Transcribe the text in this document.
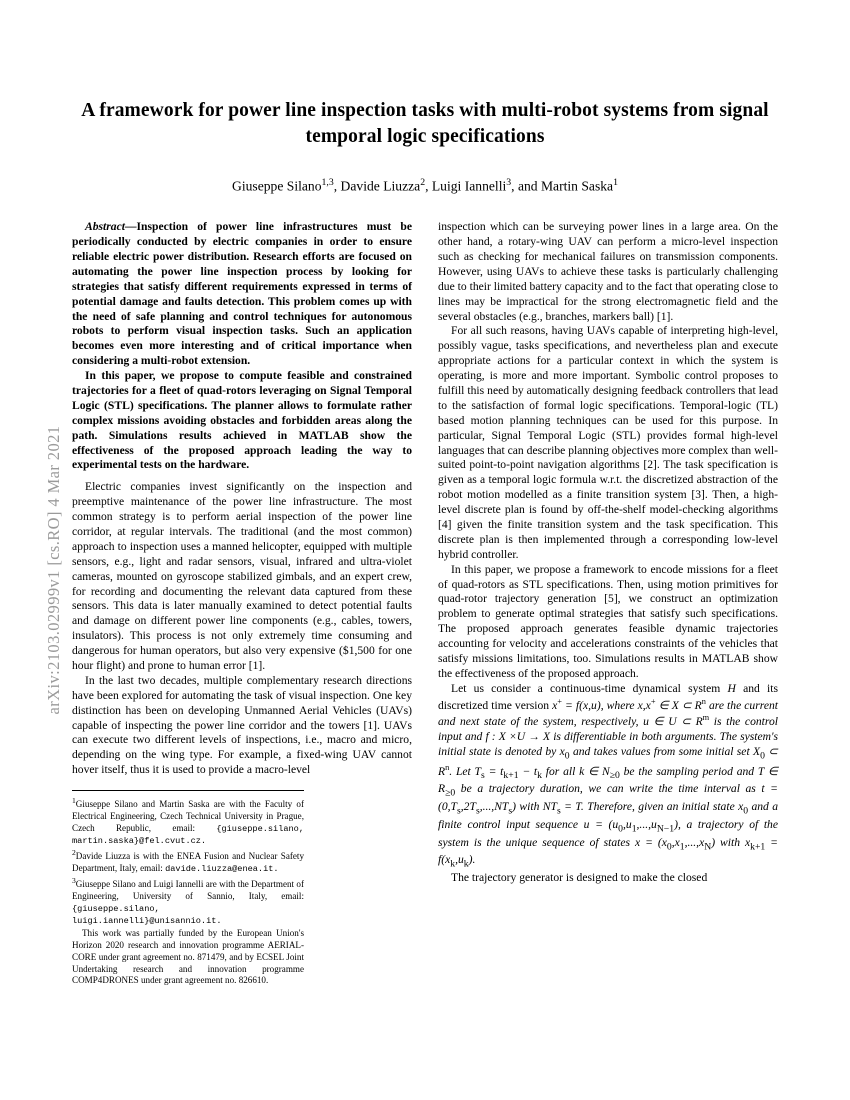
arXiv:2103.02999v1 [cs.RO] 4 Mar 2021
A framework for power line inspection tasks with multi-robot systems from signal temporal logic specifications
Giuseppe Silano$^{1,3}$, Davide Liuzza$^2$, Luigi Iannelli$^3$, and Martin Saska$^1$

Abstract—Inspection of power line infrastructures must be periodically conducted by electric companies in order to ensure reliable electric power distribution. Research efforts are focused on automating the power line inspection process by looking for strategies that satisfy different requirements expressed in terms of potential damage and faults detection. This problem comes up with the need of safe planning and control techniques for autonomous robots to perform visual inspection tasks. Such an application becomes even more interesting and of critical importance when considering a multi-robot extension.

In this paper, we propose to compute feasible and constrained trajectories for a fleet of quad-rotors leveraging on Signal Temporal Logic (STL) specifications. The planner allows to formulate rather complex missions avoiding obstacles and forbidden areas along the path. Simulations results achieved in MATLAB show the effectiveness of the proposed approach leading the way to experimental tests on the hardware.

Electric companies invest significantly on the inspection and preemptive maintenance of the power line infrastructure. The most common strategy is to perform aerial inspection of the power line corridor, at regular intervals. The traditional (and the most common) approach to inspection uses a manned helicopter, equipped with multiple sensors, e.g., light and radar sensors, visual, infrared and ultra-violet cameras, mounted on gyroscope stabilized gimbals, and an expert crew, for recording and documenting the relevant data captured from these sensors. This data is later manually examined to detect potential faults and damage on different power line components (e.g., cables, towers, insulators). This process is not only extremely time consuming and dangerous for human operators, but also very expensive ($1,500 for one hour flight) and prone to human error [1].

In the last two decades, multiple complementary research directions have been explored for automating the task of visual inspection. One key distinction has been on developing Unmanned Aerial Vehicles (UAVs) capable of inspecting the power line corridor and the towers [1]. UAVs can execute two different levels of inspections, i.e., macro and micro, depending on the wing type. For example, a fixed-wing UAV cannot hover itself, thus it is used to provide a macro-level

$^1$Giuseppe Silano and Martin Saska are with the Faculty of Electrical Engineering, Czech Technical University in Prague, Czech Republic, email: {giuseppe.silano, martin.saska}@fel.cvut.cz.

$^2$Davide Liuzza is with the ENEA Fusion and Nuclear Safety Department, Italy, email: davide.liuzza@enea.it.

$^3$Giuseppe Silano and Luigi Iannelli are with the Department of Engineering, University of Sannio, Italy, email: {giuseppe.silano, luigi.iannelli}@unisannio.it.

This work was partially funded by the European Union's Horizon 2020 research and innovation programme AERIAL-CORE under grant agreement no. 871479, and by ECSEL Joint Undertaking research and innovation programme COMP4DRONES under grant agreement no. 826610.

inspection which can be surveying power lines in a large area. On the other hand, a rotary-wing UAV can perform a micro-level inspection such as checking for mechanical failures on transmission components. However, using UAVs to achieve these tasks is particularly challenging due to their limited battery capacity and to the fact that operating close to lines may be impractical for the strong electromagnetic field and the several obstacles (e.g., branches, markers ball) [1].

For all such reasons, having UAVs capable of interpreting high-level, possibly vague, tasks specifications, and nevertheless plan and execute appropriate actions for a particular context in which the system is operating, is more and more important. Symbolic control proposes to fulfill this need by automatically designing feedback controllers that lead to the satisfaction of formal logic specifications. Temporal-logic (TL) based motion planning techniques can be used for this purpose. In particular, Signal Temporal Logic (STL) provides formal high-level languages that can describe planning objectives more complex than well-suited point-to-point navigation algorithms [2]. The task specification is given as a temporal logic formula w.r.t. the discretized abstraction of the robot motion modelled as a finite transition system [3]. Then, a high-level discrete plan is found by off-the-shelf model-checking algorithms [4] given the finite transition system and the task specification. This discrete plan is then implemented through a corresponding low-level hybrid controller.

In this paper, we propose a framework to encode missions for a fleet of quad-rotors as STL specifications. Then, using motion primitives for quad-rotor trajectory generation [5], we construct an optimization problem to generate optimal strategies that satisfy such specifications. The proposed approach generates feasible dynamic trajectories accounting for velocity and accelerations constraints of the vehicles that satisfy missions limitations, too. Simulations results in MATLAB show the effectiveness of the proposed approach.

Let us consider a continuous-time dynamical system H and its discretized time version x+ = f(x,u), where x,x+ ∈ X ⊂ $R^n$ are the current and next state of the system, respectively, u ∈ U ⊂ $R^m$ is the control input and f : X ×U → X is differentiable in both arguments. The system's initial state is denoted by $x_0$ and takes values from some initial set $X_0$ ⊂ $R^n$. Let $T_s = t_{k+1} - t_k$ for all k ∈ $N_{\ge 0}$ be the sampling period and T ∈ $R_{\ge 0}$ be a trajectory duration, we can write the time interval as $t = (0,T_s,2T_s,...,NT_s)$ with $NT_s = T$. Therefore, given an initial state $x_0$ and a finite control input sequence $u = (u_0,u_1,...,u_{N-1})$, a trajectory of the system is the unique sequence of states $x = (x_0,x_1,...,x_N)$ with $x_{k+1} = f(x_k,u_k)$.

The trajectory generator is designed to make the closed
